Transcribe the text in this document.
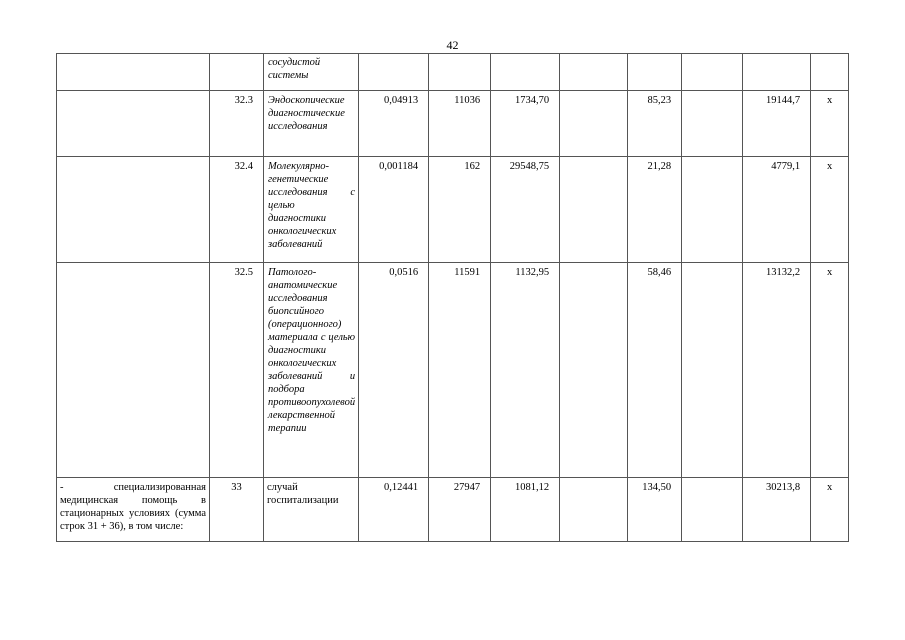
42
		сосудистой системы								
	32.3	Эндоскопические диагностические исследования	0,04913	11036	1734,70		85,23		19144,7	х
	32.4	Молекулярно-генетические исследования с целью диагностики онкологических заболеваний	0,001184	162	29548,75		21,28		4779,1	х
	32.5	Патолого-анатомические исследования биопсийного (операционного) материала с целью диагностики онкологических заболеваний и подбора противоопухолевой лекарственной терапии	0,0516	11591	1132,95		58,46		13132,2	х
- специализированная медицинская помощь в стационарных условиях (сумма строк 31 + 36), в том числе:	33	случай госпитализации	0,12441	27947	1081,12		134,50		30213,8	х
